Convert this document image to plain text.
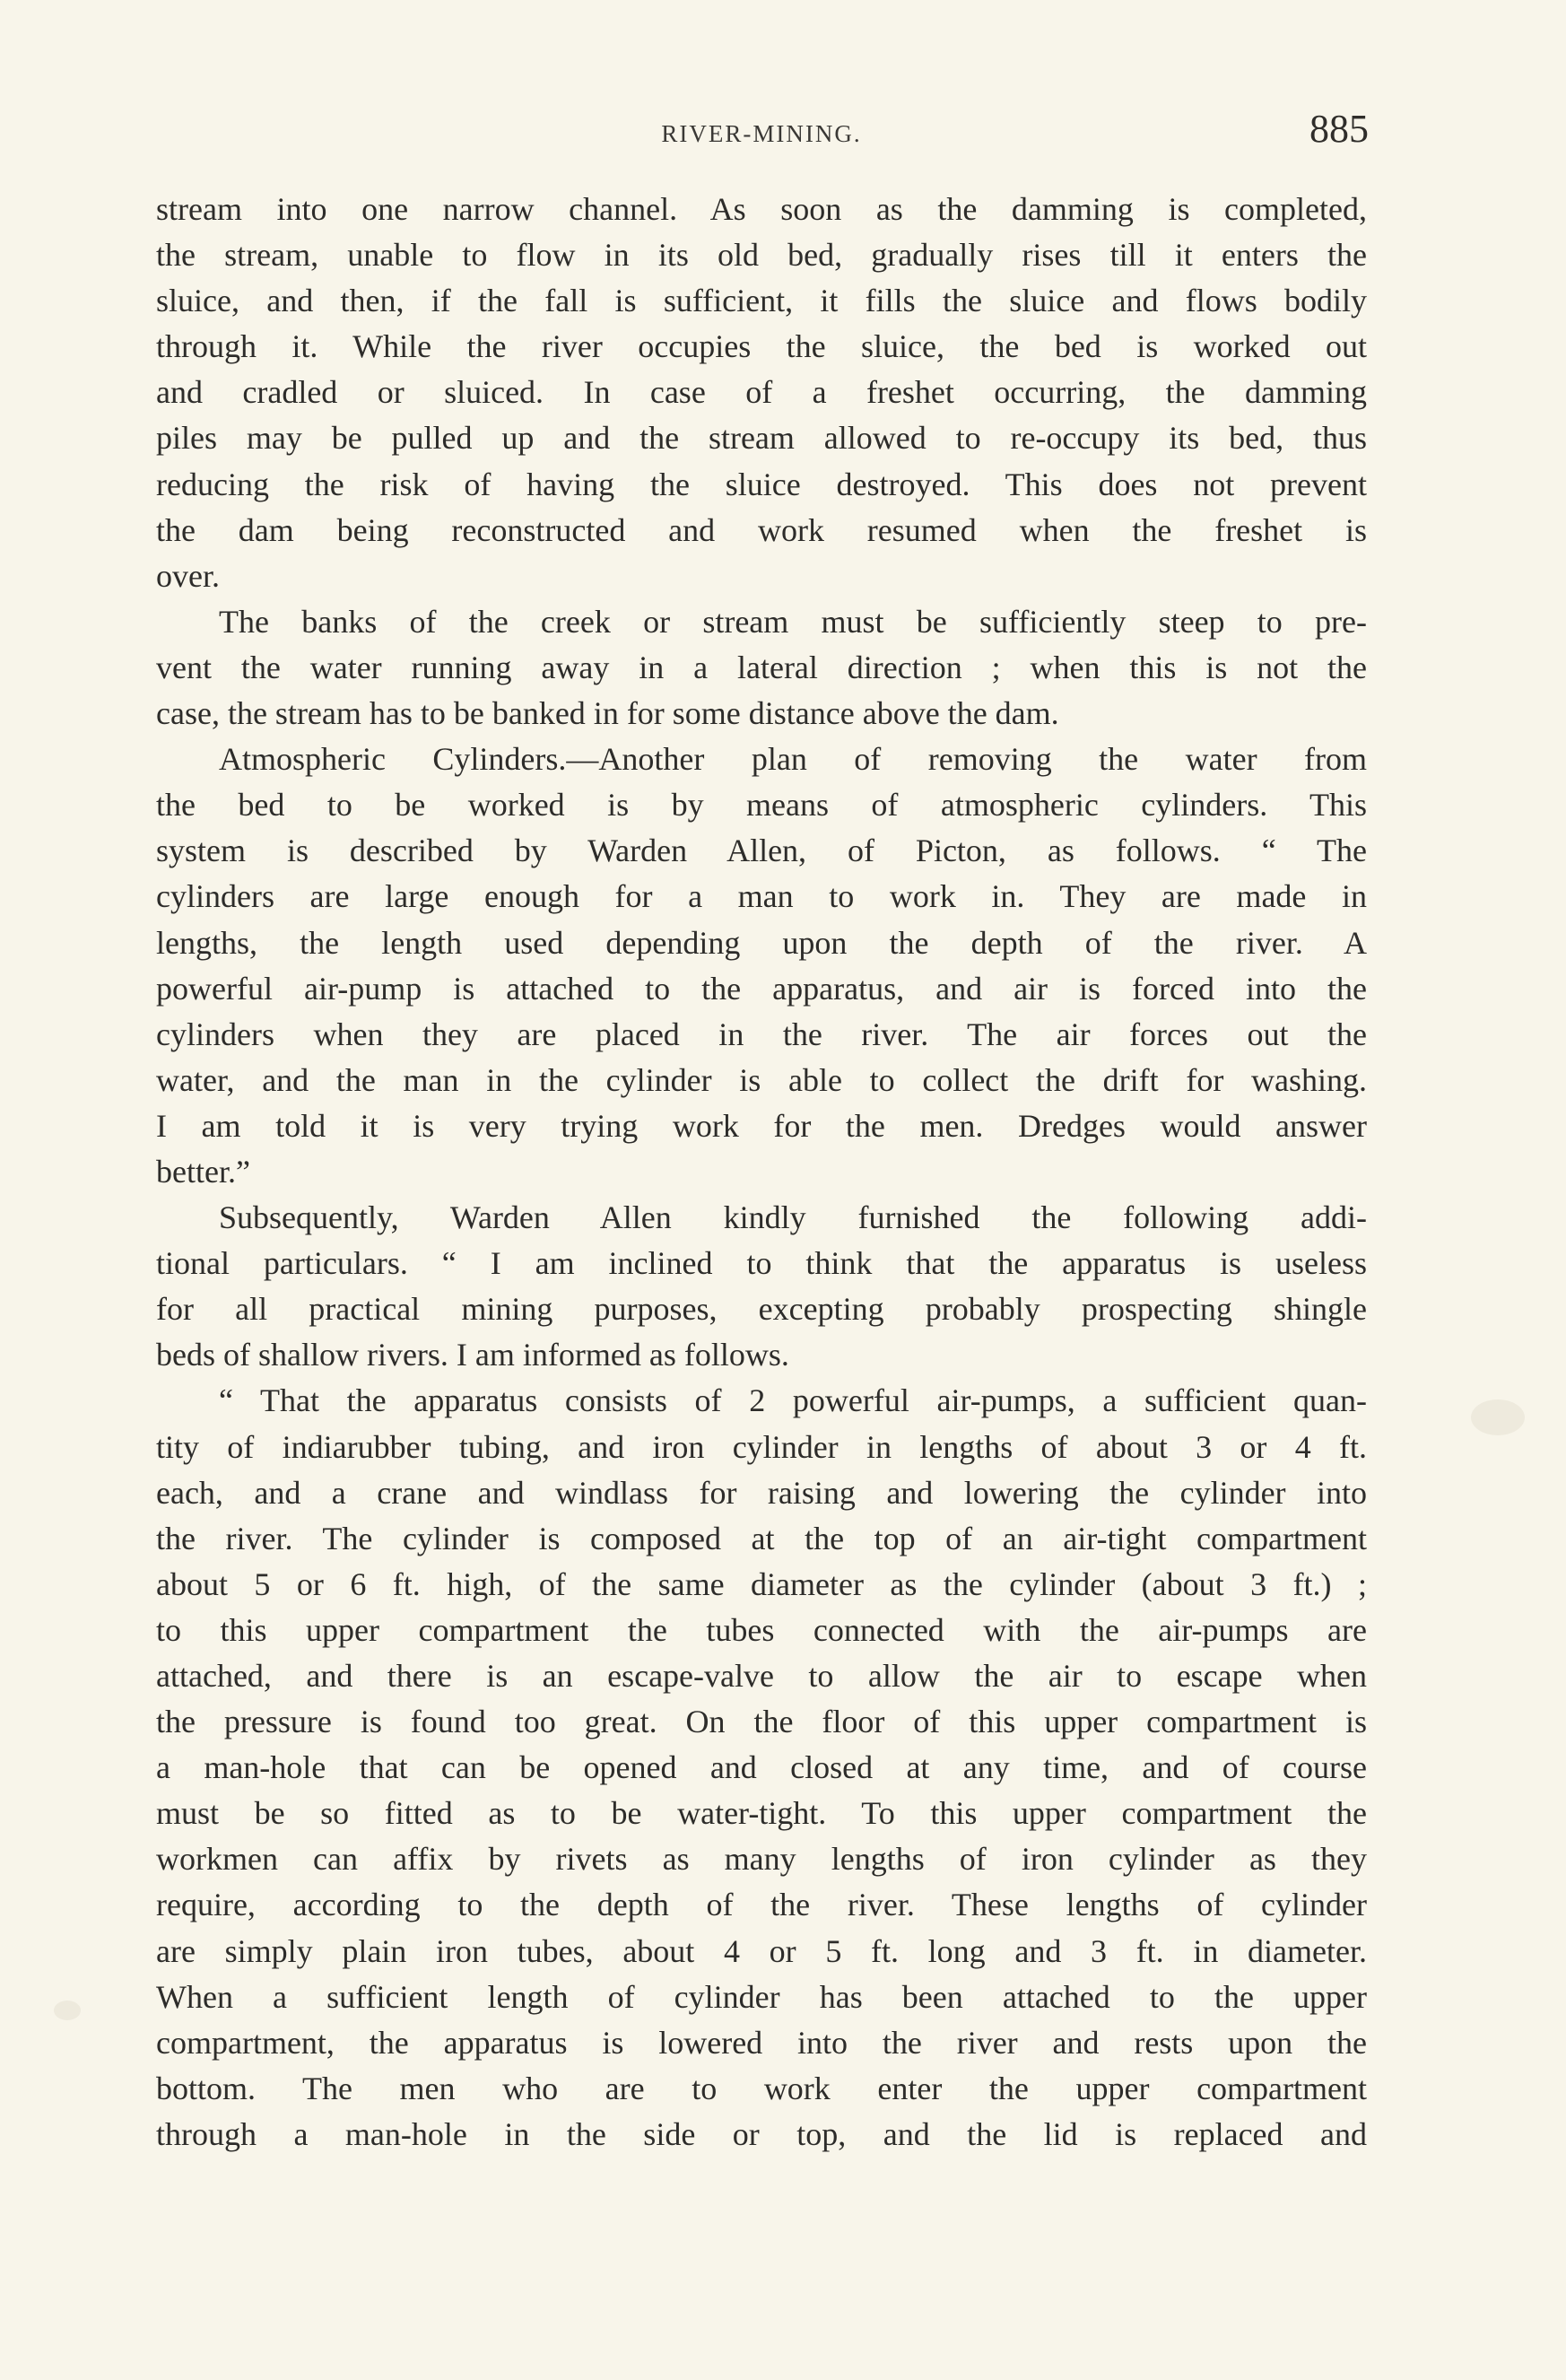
RIVER-MINING.	885
stream into one narrow channel. As soon as the damming is completed,
the stream, unable to flow in its old bed, gradually rises till it enters the
sluice, and then, if the fall is sufficient, it fills the sluice and flows bodily
through it. While the river occupies the sluice, the bed is worked out
and cradled or sluiced. In case of a freshet occurring, the damming
piles may be pulled up and the stream allowed to re-occupy its bed, thus
reducing the risk of having the sluice destroyed. This does not prevent
the dam being reconstructed and work resumed when the freshet is
over.
The banks of the creek or stream must be sufficiently steep to pre-
vent the water running away in a lateral direction ; when this is not the
case, the stream has to be banked in for some distance above the dam.
Atmospheric Cylinders.—Another plan of removing the water from
the bed to be worked is by means of atmospheric cylinders. This
system is described by Warden Allen, of Picton, as follows. “ The
cylinders are large enough for a man to work in. They are made in
lengths, the length used depending upon the depth of the river. A
powerful air-pump is attached to the apparatus, and air is forced into the
cylinders when they are placed in the river. The air forces out the
water, and the man in the cylinder is able to collect the drift for washing.
I am told it is very trying work for the men. Dredges would answer
better.”
Subsequently, Warden Allen kindly furnished the following addi-
tional particulars. “ I am inclined to think that the apparatus is useless
for all practical mining purposes, excepting probably prospecting shingle
beds of shallow rivers. I am informed as follows.
“ That the apparatus consists of 2 powerful air-pumps, a sufficient quan-
tity of indiarubber tubing, and iron cylinder in lengths of about 3 or 4 ft.
each, and a crane and windlass for raising and lowering the cylinder into
the river. The cylinder is composed at the top of an air-tight compartment
about 5 or 6 ft. high, of the same diameter as the cylinder (about 3 ft.) ;
to this upper compartment the tubes connected with the air-pumps are
attached, and there is an escape-valve to allow the air to escape when
the pressure is found too great. On the floor of this upper compartment is
a man-hole that can be opened and closed at any time, and of course
must be so fitted as to be water-tight. To this upper compartment the
workmen can affix by rivets as many lengths of iron cylinder as they
require, according to the depth of the river. These lengths of cylinder
are simply plain iron tubes, about 4 or 5 ft. long and 3 ft. in diameter.
When a sufficient length of cylinder has been attached to the upper
compartment, the apparatus is lowered into the river and rests upon the
bottom. The men who are to work enter the upper compartment
through a man-hole in the side or top, and the lid is replaced and
